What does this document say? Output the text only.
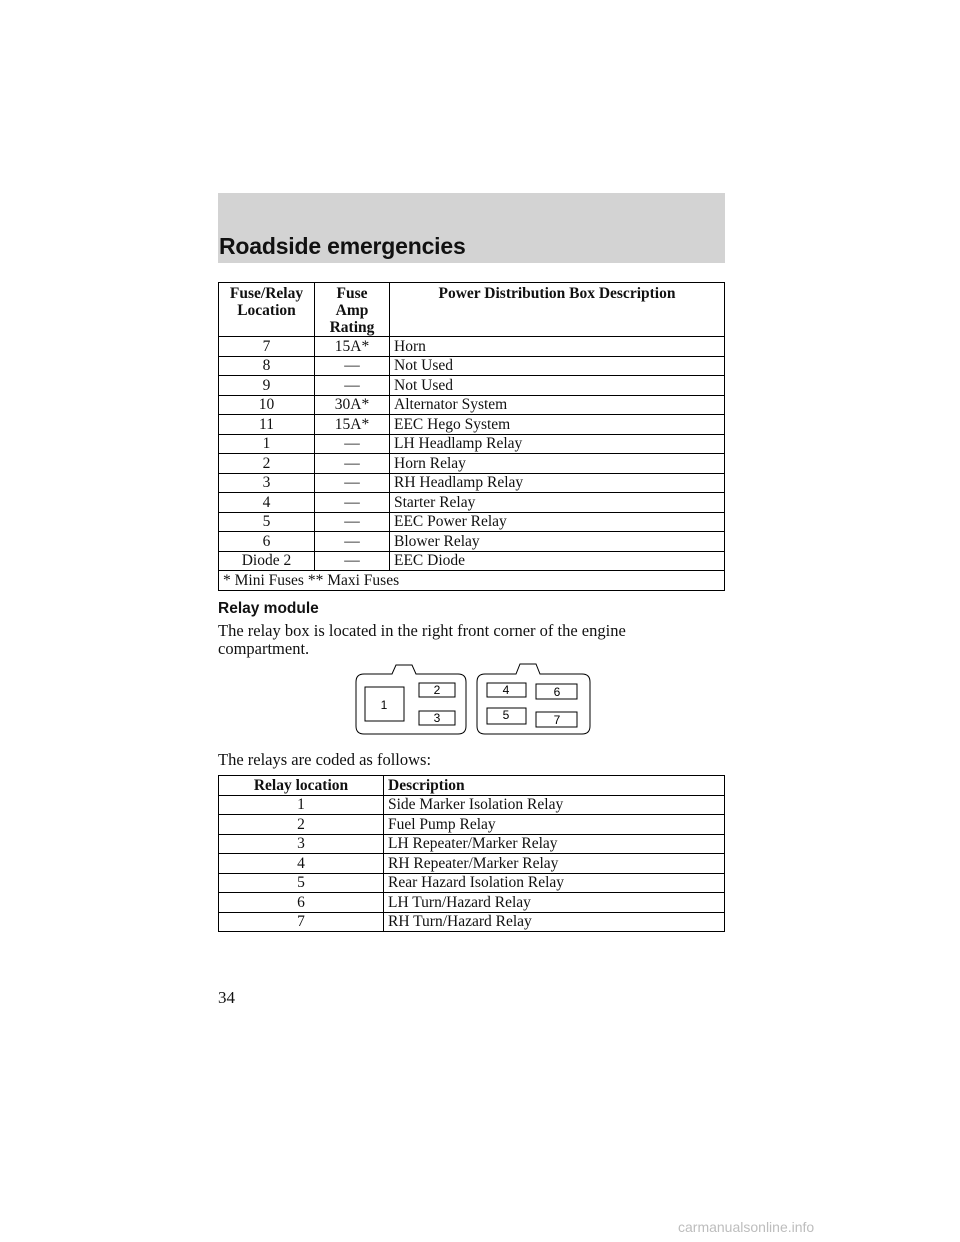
Roadside emergencies
Fuse/Relay Location	Fuse Amp Rating	Power Distribution Box Description
7	15A*	Horn
8	—	Not Used
9	—	Not Used
10	30A*	Alternator System
11	15A*	EEC Hego System
1	—	LH Headlamp Relay
2	—	Horn Relay
3	—	RH Headlamp Relay
4	—	Starter Relay
5	—	EEC Power Relay
6	—	Blower Relay
Diode 2	—	EEC Diode
* Mini Fuses ** Maxi Fuses		
Relay module
The relay box is located in the right front corner of the engine compartment.
1
2
3
4
5
6
7
The relays are coded as follows:
Relay location	Description
1	Side Marker Isolation Relay
2	Fuel Pump Relay
3	LH Repeater/Marker Relay
4	RH Repeater/Marker Relay
5	Rear Hazard Isolation Relay
6	LH Turn/Hazard Relay
7	RH Turn/Hazard Relay
34
carmanualsonline.info
